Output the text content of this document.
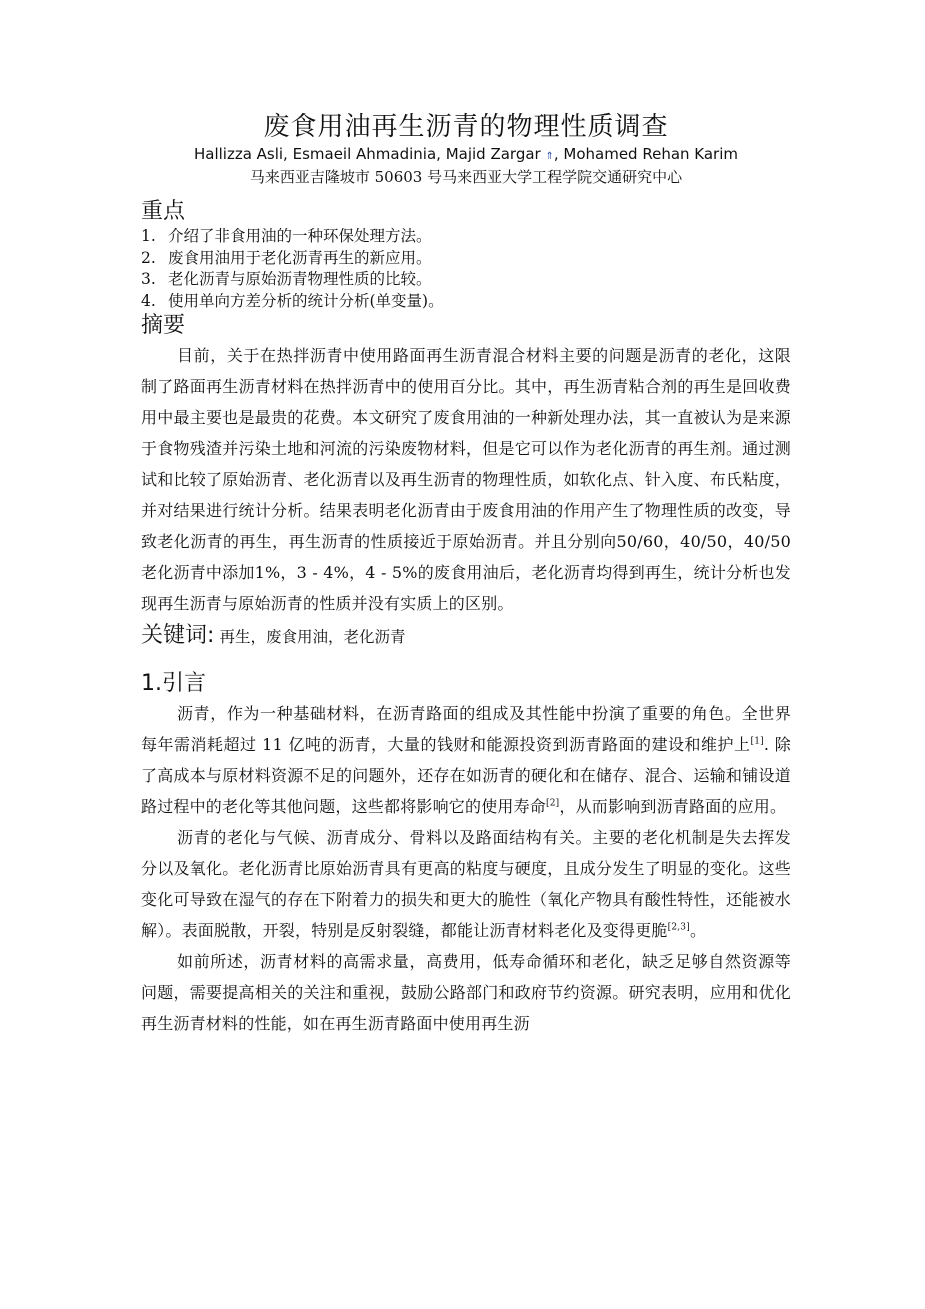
废食用油再生沥青的物理性质调查

Hallizza Asli, Esmaeil Ahmadinia, Majid Zargar ⇑, Mohamed Rehan Karim

马来西亚吉隆坡市 50603 号马来西亚大学工程学院交通研究中心

重点
1. 介绍了非食用油的一种环保处理方法。
2. 废食用油用于老化沥青再生的新应用。
3. 老化沥青与原始沥青物理性质的比较。
4. 使用单向方差分析的统计分析(单变量)。
摘要

目前，关于在热拌沥青中使用路面再生沥青混合材料主要的问题是沥青的老化，这限制了路面再生沥青材料在热拌沥青中的使用百分比。其中，再生沥青粘合剂的再生是回收费用中最主要也是最贵的花费。本文研究了废食用油的一种新处理办法，其一直被认为是来源于食物残渣并污染土地和河流的污染废物材料，但是它可以作为老化沥青的再生剂。通过测试和比较了原始沥青、老化沥青以及再生沥青的物理性质，如软化点、针入度、布氏粘度，并对结果进行统计分析。结果表明老化沥青由于废食用油的作用产生了物理性质的改变，导致老化沥青的再生，再生沥青的性质接近于原始沥青。并且分别向50/60，40/50，40/50老化沥青中添加1%，3 - 4%，4 - 5%的废食用油后，老化沥青均得到再生，统计分析也发现再生沥青与原始沥青的性质并没有实质上的区别。

关键词: 再生，废食用油，老化沥青
1.引言

沥青，作为一种基础材料，在沥青路面的组成及其性能中扮演了重要的角色。全世界每年需消耗超过 11 亿吨的沥青，大量的钱财和能源投资到沥青路面的建设和维护上[1]. 除了高成本与原材料资源不足的问题外，还存在如沥青的硬化和在储存、混合、运输和铺设道路过程中的老化等其他问题，这些都将影响它的使用寿命[2]，从而影响到沥青路面的应用。

沥青的老化与气候、沥青成分、骨料以及路面结构有关。主要的老化机制是失去挥发分以及氧化。老化沥青比原始沥青具有更高的粘度与硬度，且成分发生了明显的变化。这些变化可导致在湿气的存在下附着力的损失和更大的脆性（氧化产物具有酸性特性，还能被水解）。表面脱散，开裂，特别是反射裂缝，都能让沥青材料老化及变得更脆[2,3]。

如前所述，沥青材料的高需求量，高费用，低寿命循环和老化，缺乏足够自然资源等问题，需要提高相关的关注和重视，鼓励公路部门和政府节约资源。研究表明，应用和优化再生沥青材料的性能，如在再生沥青路面中使用再生沥
